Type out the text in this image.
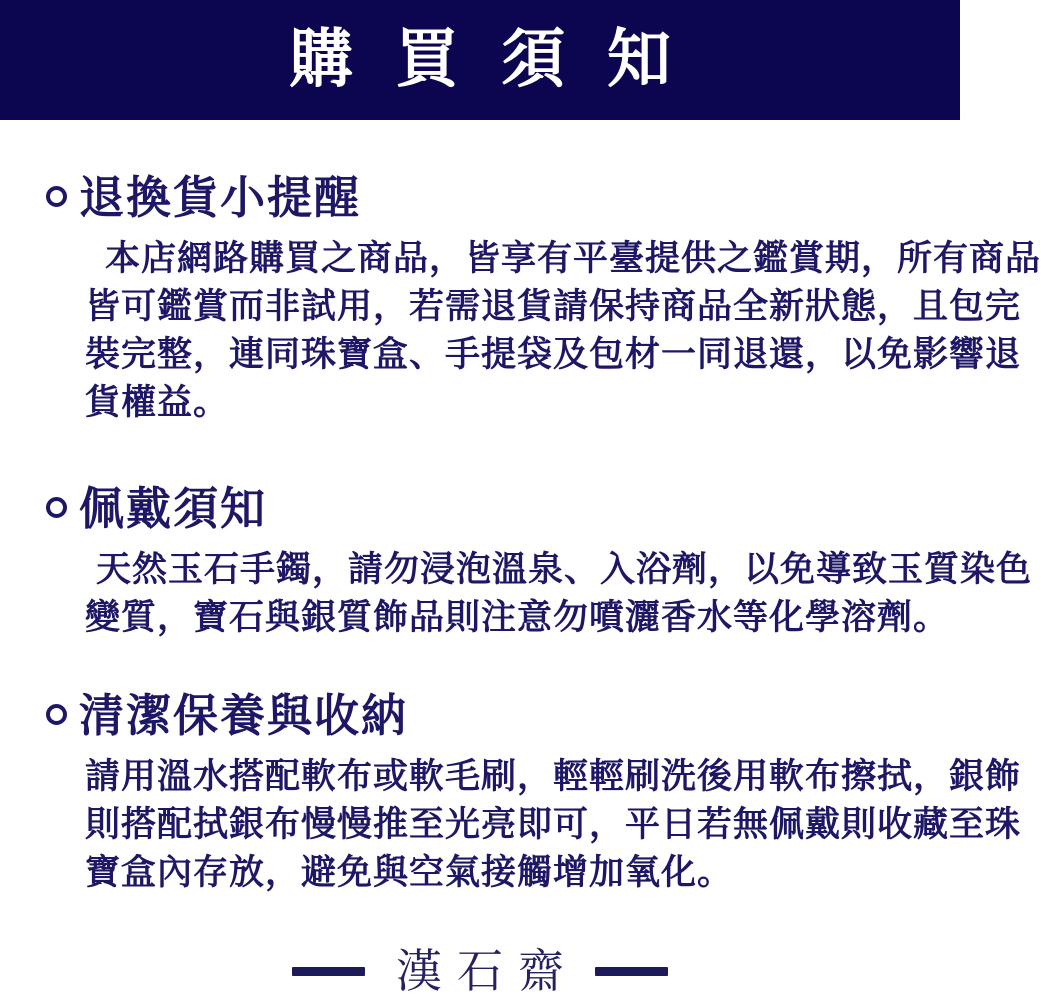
購買須知
退換貨小提醒
本店網路購買之商品，皆享有平臺提供之鑑賞期，所有商品
皆可鑑賞而非試用，若需退貨請保持商品全新狀態，且包完
裝完整，連同珠寶盒、手提袋及包材一同退還，以免影響退
貨權益。
佩戴須知
天然玉石手鐲，請勿浸泡溫泉、入浴劑，以免導致玉質染色
變質，寶石與銀質飾品則注意勿噴灑香水等化學溶劑。
清潔保養與收納
請用溫水搭配軟布或軟毛刷，輕輕刷洗後用軟布擦拭，銀飾
則搭配拭銀布慢慢推至光亮即可，平日若無佩戴則收藏至珠
寶盒內存放，避免與空氣接觸增加氧化。
漢石齋
